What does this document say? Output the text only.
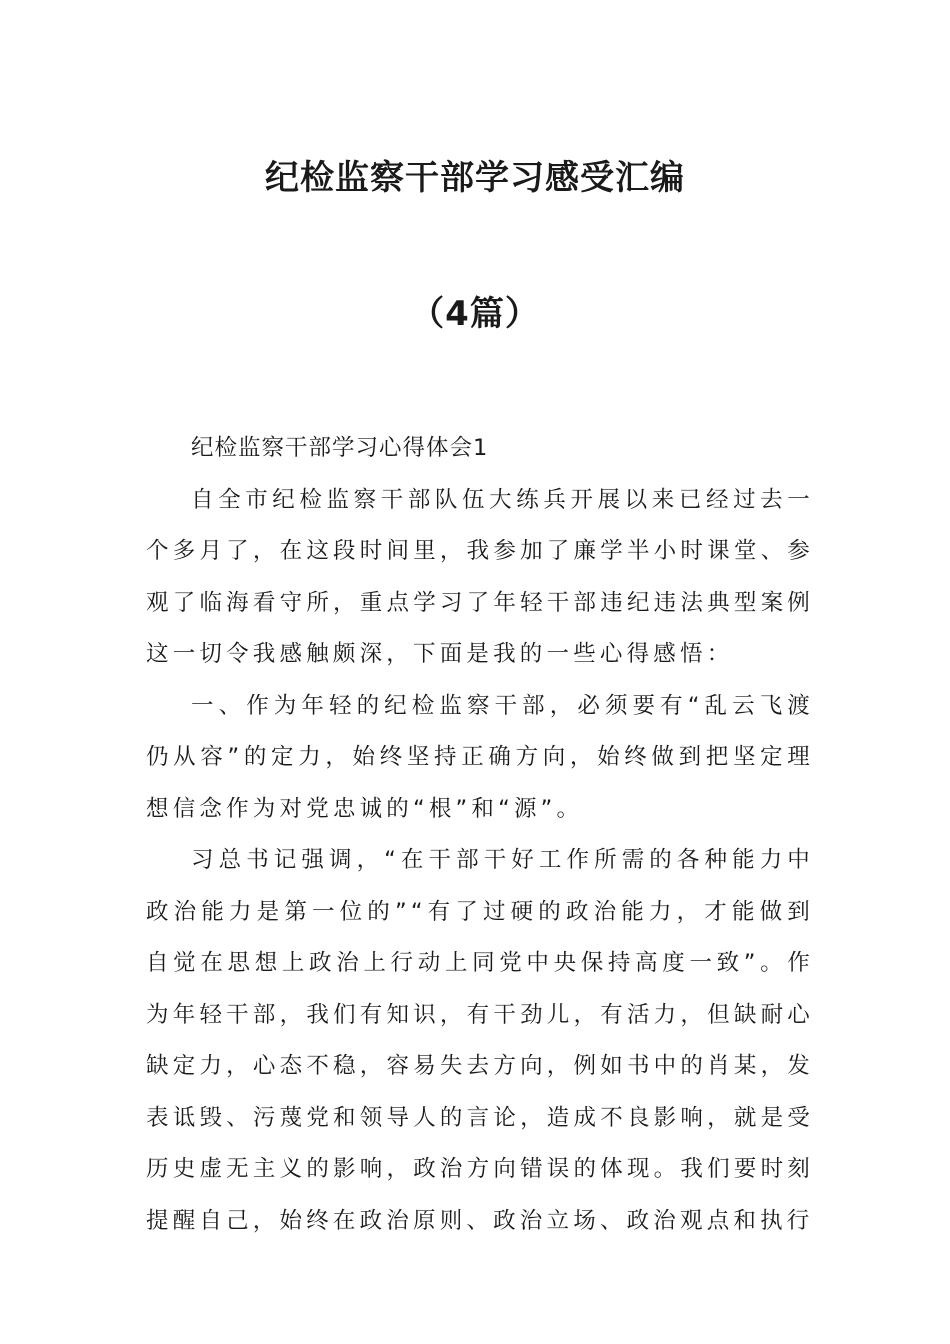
纪检监察干部学习感受汇编
（4篇）

纪检监察干部学习心得体会1

自全市纪检监察干部队伍大练兵开展以来已经过去一个多月了，在这段时间里，我参加了廉学半小时课堂、参观了临海看守所，重点学习了年轻干部违纪违法典型案例这一切令我感触颇深，下面是我的一些心得感悟：

一、作为年轻的纪检监察干部，必须要有“乱云飞渡仍从容”的定力，始终坚持正确方向，始终做到把坚定理想信念作为对党忠诚的“根”和“源”。

习总书记强调，“在干部干好工作所需的各种能力中政治能力是第一位的”“有了过硬的政治能力，才能做到自觉在思想上政治上行动上同党中央保持高度一致”。作为年轻干部，我们有知识，有干劲儿，有活力，但缺耐心缺定力，心态不稳，容易失去方向，例如书中的肖某，发表诋毁、污蔑党和领导人的言论，造成不良影响，就是受历史虚无主义的影响，政治方向错误的体现。我们要时刻提醒自己，始终在政治原则、政治立场、政治观点和执行
